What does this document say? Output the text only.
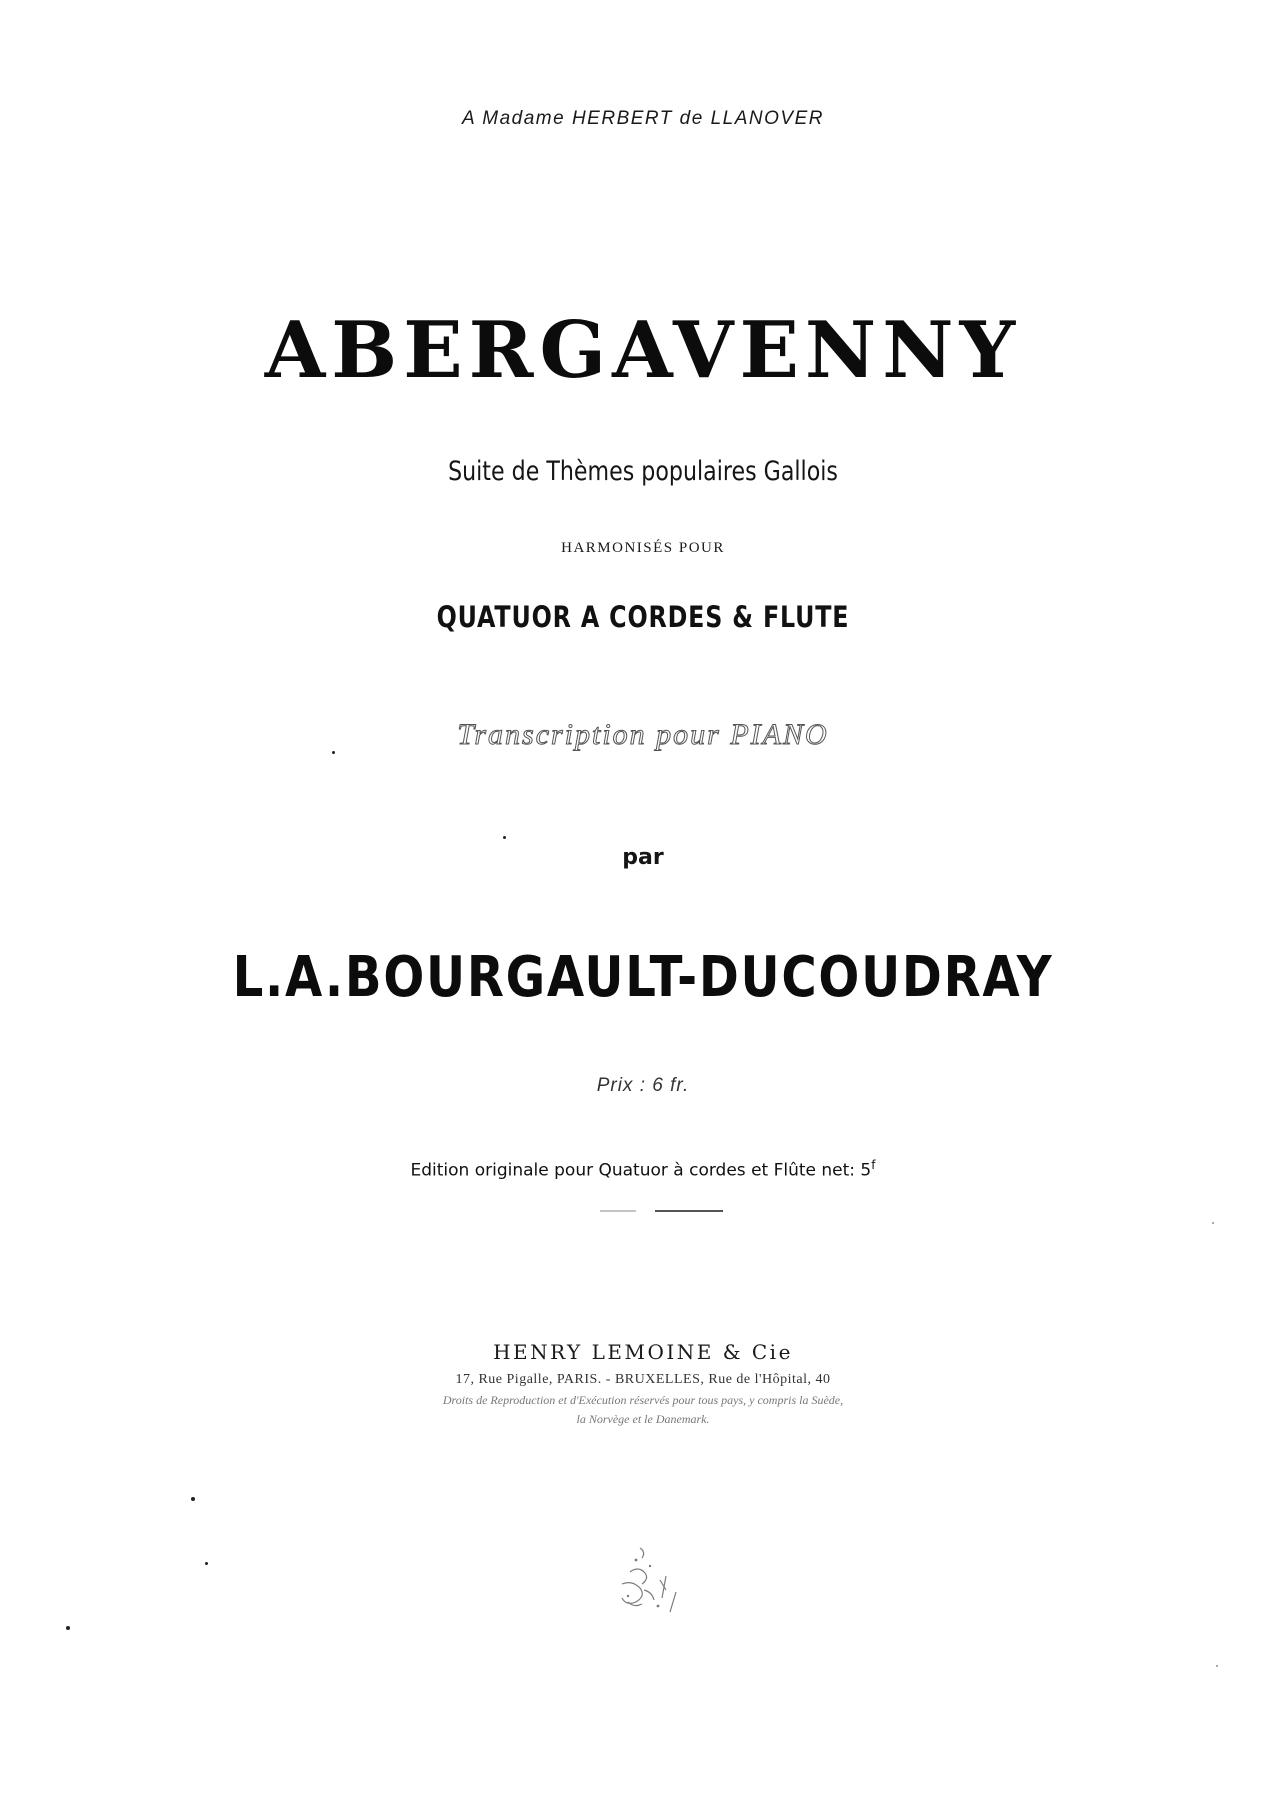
A Madame HERBERT de LLANOVER
ABERGAVENNY
Suite de Thèmes populaires Gallois
HARMONISÉS POUR
QUATUOR A CORDES & FLUTE
Transcription pour PIANO
par
L.A.BOURGAULT-DUCOUDRAY
Prix : 6 fr.
Edition originale pour Quatuor à cordes et Flûte net: 5$^f$
HENRY LEMOINE & Cie
17, Rue Pigalle, PARIS. - BRUXELLES, Rue de l'Hôpital, 40
Droits de Reproduction et d'Exécution réservés pour tous pays, y compris la Suède,
la Norvège et le Danemark.
